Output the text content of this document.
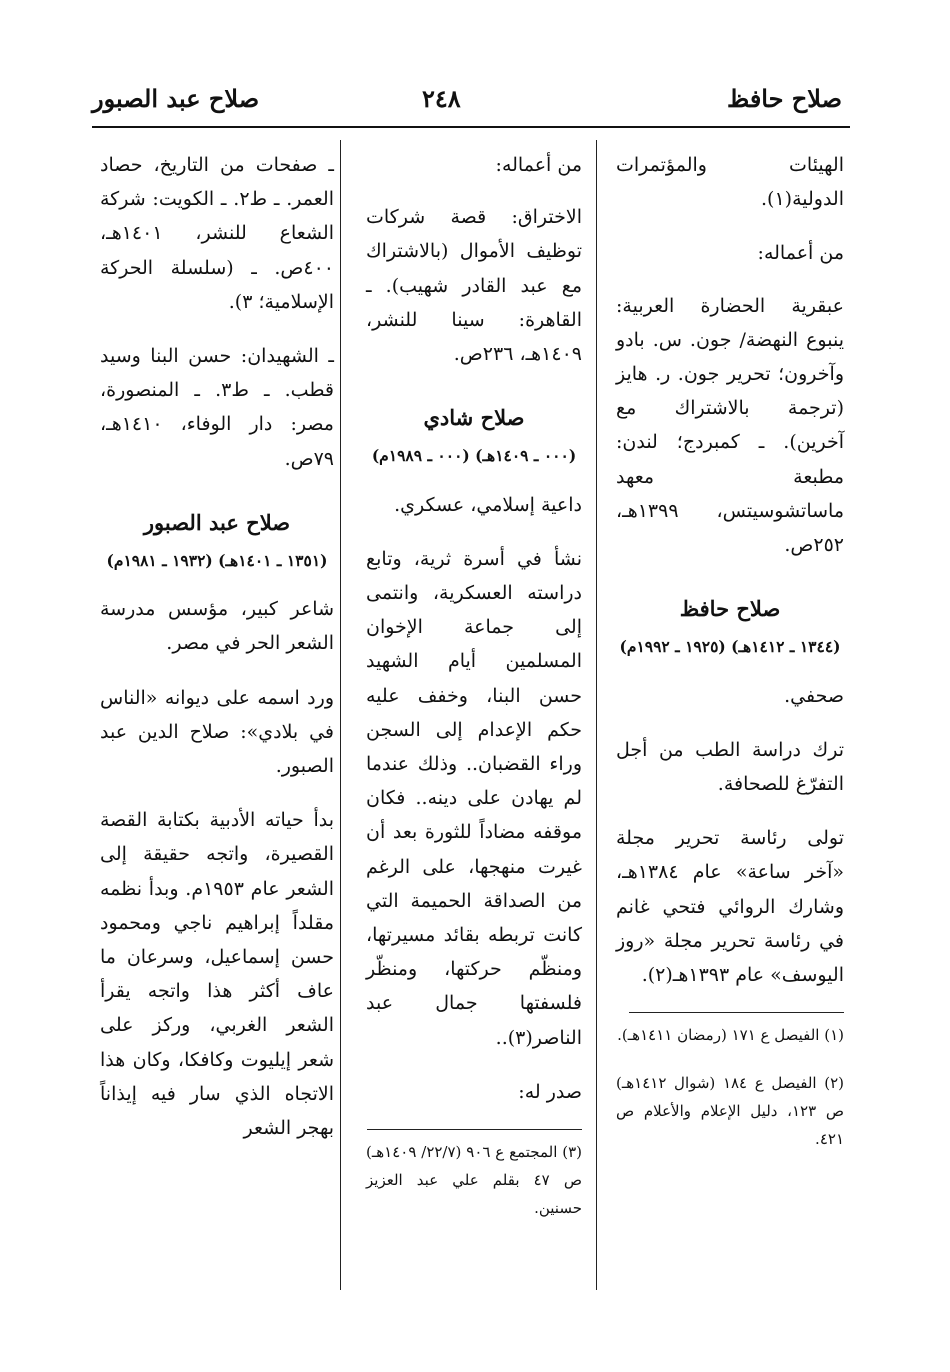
صلاح حافظ
٢٤٨
صلاح عبد الصبور

الهيئات والمؤتمرات الدولية(١).

من أعماله:

عبقرية الحضارة العربية: ينبوع النهضة/ جون. س. بادو وآخرون؛ تحرير جون. ر. هايز (ترجمة بالاشتراك مع آخرين). ـ كمبردج؛ لندن: مطبعة معهد ماساتشوسيتس، ١٣٩٩هـ، ٢٥٢ص.

صلاح حافظ
(١٣٤٤ ـ ١٤١٢هـ) (١٩٢٥ ـ ١٩٩٢م)

صحفي.

ترك دراسة الطب من أجل التفرّغ للصحافة.

تولى رئاسة تحرير مجلة «آخر ساعة» عام ١٣٨٤هـ، وشارك الروائي فتحي غانم في رئاسة تحرير مجلة «روز اليوسف» عام ١٣٩٣هـ(٢).

(١) الفيصل ع ١٧١ (رمضان ١٤١١هـ).

(٢) الفيصل ع ١٨٤ (شوال ١٤١٢هـ) ص ١٢٣، دليل الإعلام والأعلام ص ٤٢١.

من أعماله:

الاختراق: قصة شركات توظيف الأموال (بالاشتراك مع عبد القادر شهيب). ـ القاهرة: سينا للنشر، ١٤٠٩هـ، ٢٣٦ص.

صلاح شادي
(٠٠٠ ـ ١٤٠٩هـ) (٠٠٠ ـ ١٩٨٩م)

داعية إسلامي، عسكري.

نشأ في أسرة ثرية، وتابع دراسته العسكرية، وانتمى إلى جماعة الإخوان المسلمين أيام الشهيد حسن البنا، وخفف عليه حكم الإعدام إلى السجن وراء القضبان.. وذلك عندما لم يهادن على دينه.. فكان موقفه مضاداً للثورة بعد أن غيرت منهجها، على الرغم من الصداقة الحميمة التي كانت تربطه بقائد مسيرتها، ومنظّم حركتها، ومنظّر فلسفتها جمال عبد الناصر(٣)..

صدر له:

(٣) المجتمع ع ٩٠٦ (٢٢/٧/ ١٤٠٩هـ) ص ٤٧ بقلم علي عبد العزيز حسنين.

ـ صفحات من التاريخ، حصاد العمر. ـ ط٢. ـ الكويت: شركة الشعاع للنشر، ١٤٠١هـ، ٤٠٠ص. ـ (سلسلة الحركة الإسلامية؛ ٣).

ـ الشهيدان: حسن البنا وسيد قطب. ـ ط٣. ـ المنصورة، مصر: دار الوفاء، ١٤١٠هـ، ٧٩ص.

صلاح عبد الصبور
(١٣٥١ ـ ١٤٠١هـ) (١٩٣٢ ـ ١٩٨١م)

شاعر كبير، مؤسس مدرسة الشعر الحر في مصر.

ورد اسمه على ديوانه «الناس في بلادي»: صلاح الدين عبد الصبور.

بدأ حياته الأدبية بكتابة القصة القصيرة، واتجه حقيقة إلى الشعر عام ١٩٥٣م. وبدأ نظمه مقلداً إبراهيم ناجي ومحمود حسن إسماعيل، وسرعان ما عاف أكثر هذا واتجه يقرأ الشعر الغربي، وركز على شعر إيليوت وكافكا، وكان هذا الاتجاه الذي سار فيه إيذاناً بهجر الشعر
